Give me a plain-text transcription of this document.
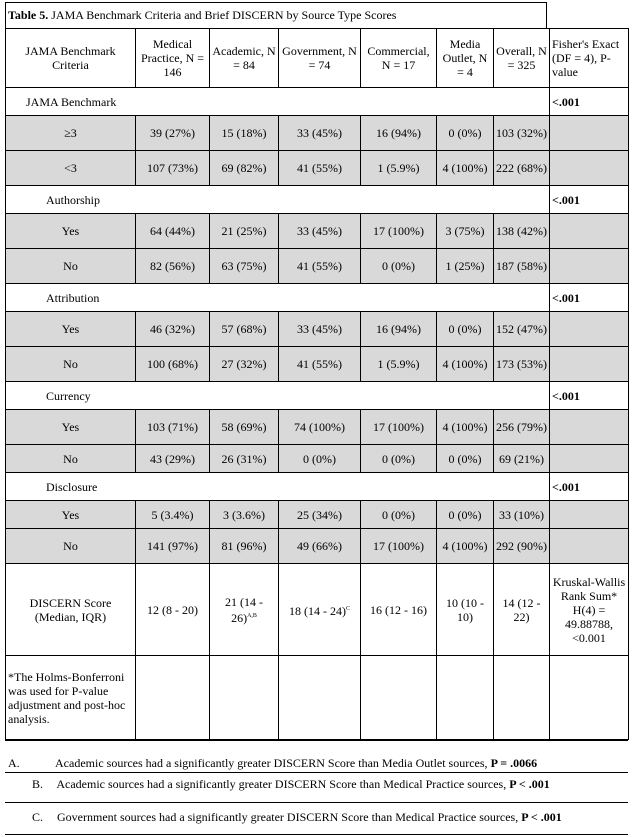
Table 5. JAMA Benchmark Criteria and Brief DISCERN by Source Type Scores
JAMA Benchmark Criteria	Medical Practice, N = 146	Academic, N = 84	Government, N = 74	Commercial, N = 17	Media Outlet, N = 4	Overall, N = 325	Fisher's Exact (DF = 4), P-value
JAMA Benchmark							<.001
≥3	39 (27%)	15 (18%)	33 (45%)	16 (94%)	0 (0%)	103 (32%)	
<3	107 (73%)	69 (82%)	41 (55%)	1 (5.9%)	4 (100%)	222 (68%)	
Authorship							<.001
Yes	64 (44%)	21 (25%)	33 (45%)	17 (100%)	3 (75%)	138 (42%)	
No	82 (56%)	63 (75%)	41 (55%)	0 (0%)	1 (25%)	187 (58%)	
Attribution							<.001
Yes	46 (32%)	57 (68%)	33 (45%)	16 (94%)	0 (0%)	152 (47%)	
No	100 (68%)	27 (32%)	41 (55%)	1 (5.9%)	4 (100%)	173 (53%)	
Currency							<.001
Yes	103 (71%)	58 (69%)	74 (100%)	17 (100%)	4 (100%)	256 (79%)	
No	43 (29%)	26 (31%)	0 (0%)	0 (0%)	0 (0%)	69 (21%)	
Disclosure							<.001
Yes	5 (3.4%)	3 (3.6%)	25 (34%)	0 (0%)	0 (0%)	33 (10%)	
No	141 (97%)	81 (96%)	49 (66%)	17 (100%)	4 (100%)	292 (90%)	
DISCERN Score (Median, IQR)	12 (8 - 20)	21 (14 - 26)$^{A,B}$	18 (14 - 24)$^C$	16 (12 - 16)	10 (10 - 10)	14 (12 - 22)	Kruskal-Wallis Rank Sum* H(4) = 49.88788, <0.001
*The Holms-Bonferroni was used for P-value adjustment and post-hoc analysis.							
A.	Academic sources had a significantly greater DISCERN Score than Media Outlet sources, P = .0066
B. Academic sources had a significantly greater DISCERN Score than Medical Practice sources, P < .001
C. Government sources had a significantly greater DISCERN Score than Medical Practice sources, P < .001
